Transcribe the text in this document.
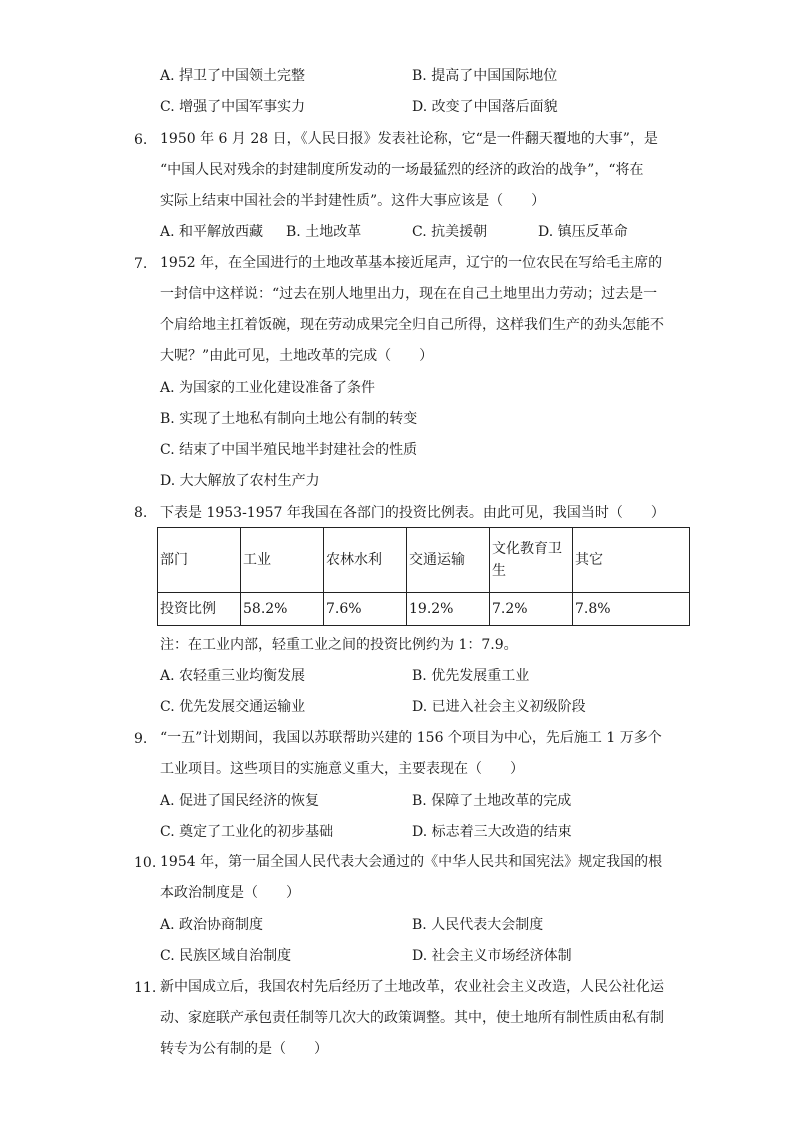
A. 捍卫了中国领土完整	B. 提高了中国国际地位
C. 增强了中国军事实力	D. 改变了中国落后面貌
6. 1950 年 6 月 28 日，《人民日报》发表社论称，它“是一件翻天覆地的大事”，是
“中国人民对残余的封建制度所发动的一场最猛烈的经济的政治的战争”，“将在
实际上结束中国社会的半封建性质”。这件大事应该是（　　）
A. 和平解放西藏 B. 土地改革	C. 抗美援朝	D. 镇压反革命
7. 1952 年，在全国进行的土地改革基本接近尾声，辽宁的一位农民在写给毛主席的
一封信中这样说：“过去在别人地里出力，现在在自己土地里出力劳动；过去是一
个肩给地主扛着饭碗，现在劳动成果完全归自己所得，这样我们生产的劲头怎能不
大呢？”由此可见，土地改革的完成（　　）
A. 为国家的工业化建设准备了条件
B. 实现了土地私有制向土地公有制的转变
C. 结束了中国半殖民地半封建社会的性质
D. 大大解放了农村生产力
8. 下表是 1953-1957 年我国在各部门的投资比例表。由此可见，我国当时（　　）
部门	工业	农林水利	交通运输	文化教育卫生	其它
投资比例	58.2%	7.6%	19.2%	7.2%	7.8%
注：在工业内部，轻重工业之间的投资比例约为 1：7.9。
A. 农轻重三业均衡发展	B. 优先发展重工业
C. 优先发展交通运输业	D. 已进入社会主义初级阶段
9. “一五”计划期间，我国以苏联帮助兴建的 156 个项目为中心，先后施工 1 万多个
工业项目。这些项目的实施意义重大，主要表现在（　　）
A. 促进了国民经济的恢复	B. 保障了土地改革的完成
C. 奠定了工业化的初步基础	D. 标志着三大改造的结束
10. 1954 年，第一届全国人民代表大会通过的《中华人民共和国宪法》规定我国的根
本政治制度是（　　）
A. 政治协商制度	B. 人民代表大会制度
C. 民族区域自治制度	D. 社会主义市场经济体制
11. 新中国成立后，我国农村先后经历了土地改革，农业社会主义改造，人民公社化运
动、家庭联产承包责任制等几次大的政策调整。其中，使土地所有制性质由私有制
转专为公有制的是（　　）
